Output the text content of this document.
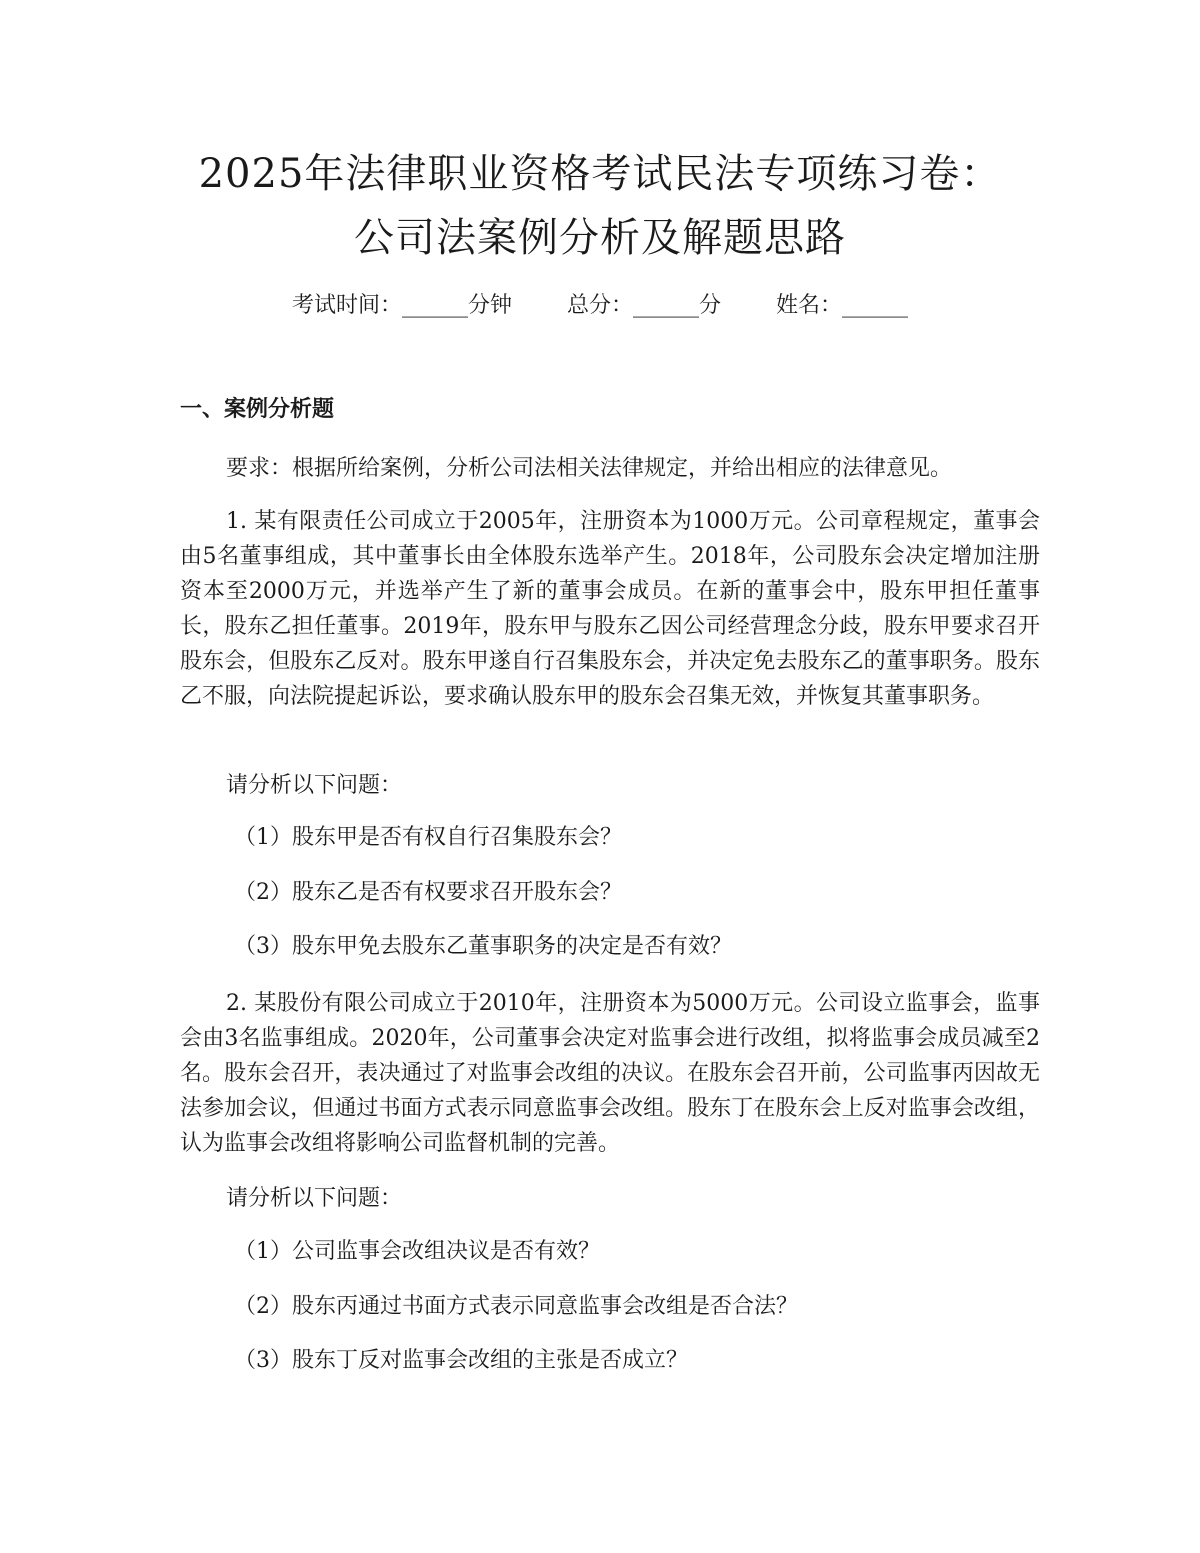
2025年法律职业资格考试民法专项练习卷：
公司法案例分析及解题思路
考试时间：______分钟	总分：______分	姓名：______
一、案例分析题
要求：根据所给案例，分析公司法相关法律规定，并给出相应的法律意见。
1. 某有限责任公司成立于2005年，注册资本为1000万元。公司章程规定，董事会由5名董事组成，其中董事长由全体股东选举产生。2018年，公司股东会决定增加注册资本至2000万元，并选举产生了新的董事会成员。在新的董事会中，股东甲担任董事长，股东乙担任董事。2019年，股东甲与股东乙因公司经营理念分歧，股东甲要求召开股东会，但股东乙反对。股东甲遂自行召集股东会，并决定免去股东乙的董事职务。股东乙不服，向法院提起诉讼，要求确认股东甲的股东会召集无效，并恢复其董事职务。
请分析以下问题：
（1）股东甲是否有权自行召集股东会？
（2）股东乙是否有权要求召开股东会？
（3）股东甲免去股东乙董事职务的决定是否有效？
2. 某股份有限公司成立于2010年，注册资本为5000万元。公司设立监事会，监事会由3名监事组成。2020年，公司董事会决定对监事会进行改组，拟将监事会成员减至2名。股东会召开，表决通过了对监事会改组的决议。在股东会召开前，公司监事丙因故无法参加会议，但通过书面方式表示同意监事会改组。股东丁在股东会上反对监事会改组，认为监事会改组将影响公司监督机制的完善。
请分析以下问题：
（1）公司监事会改组决议是否有效？
（2）股东丙通过书面方式表示同意监事会改组是否合法？
（3）股东丁反对监事会改组的主张是否成立？
